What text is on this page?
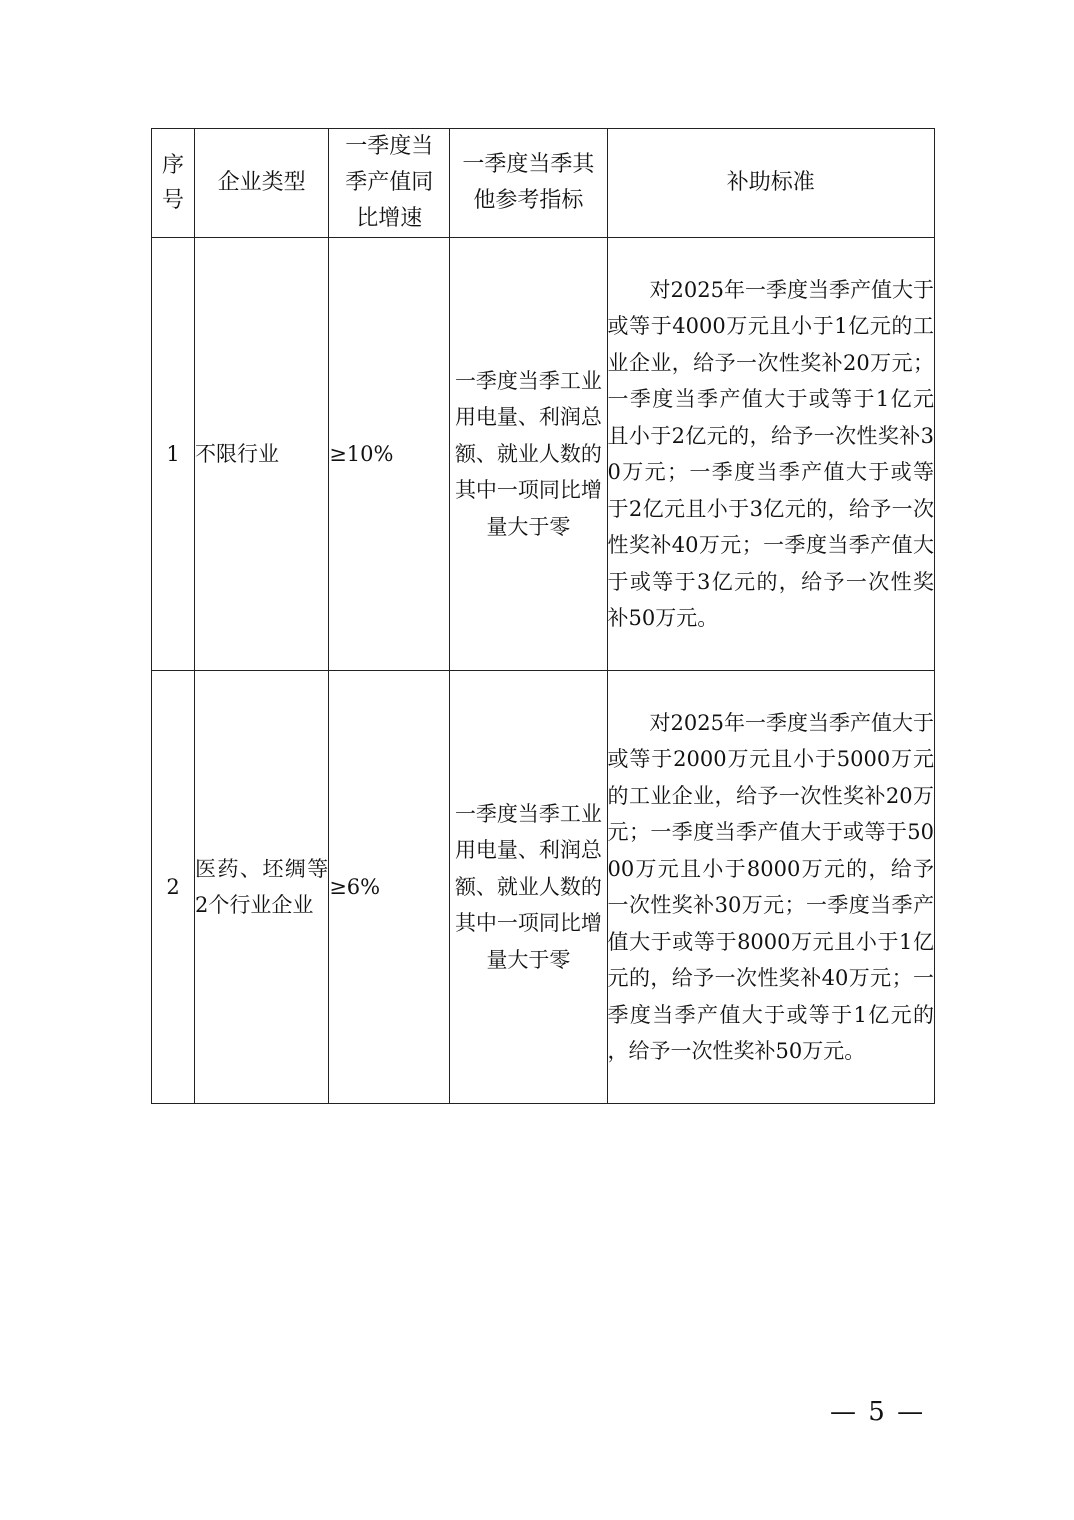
序号	企业类型	一季度当季产值同比增速	一季度当季其他参考指标	补助标准

1	不限行业	≥10%	一季度当季工业用电量、利润总额、就业人数的其中一项同比增量大于零	对2025年一季度当季产值大于或等于4000万元且小于1亿元的工业企业，给予一次性奖补20万元；一季度当季产值大于或等于1亿元且小于2亿元的，给予一次性奖补30万元；一季度当季产值大于或等于2亿元且小于3亿元的，给予一次性奖补40万元；一季度当季产值大于或等于3亿元的，给予一次性奖补50万元。

2	医药、坯绸等2个行业企业	≥6%	一季度当季工业用电量、利润总额、就业人数的其中一项同比增量大于零	对2025年一季度当季产值大于或等于2000万元且小于5000万元的工业企业，给予一次性奖补20万元；一季度当季产值大于或等于5000万元且小于8000万元的，给予一次性奖补30万元；一季度当季产值大于或等于8000万元且小于1亿元的，给予一次性奖补40万元；一季度当季产值大于或等于1亿元的，给予一次性奖补50万元。
— 5 —
